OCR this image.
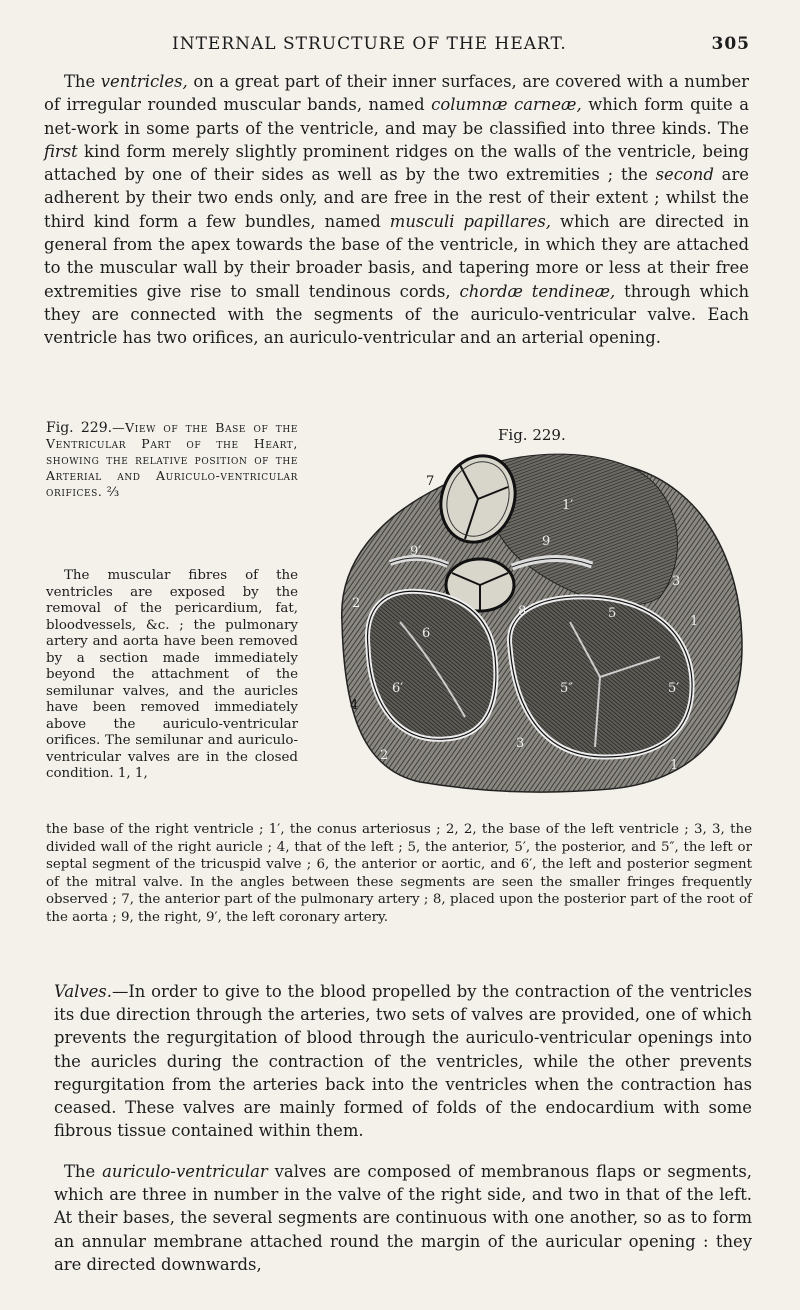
INTERNAL STRUCTURE OF THE HEART.	305

The ventricles, on a great part of their inner surfaces, are covered with a number of irregular rounded muscular bands, named columnæ carneæ, which form quite a net-work in some parts of the ventricle, and may be classified into three kinds. The first kind form merely slightly prominent ridges on the walls of the ventricle, being attached by one of their sides as well as by the two extremities ; the second are adherent by their two ends only, and are free in the rest of their extent ; whilst the third kind form a few bundles, named musculi papillares, which are directed in general from the apex towards the base of the ventricle, in which they are attached to the muscular wall by their broader basis, and tapering more or less at their free extremities give rise to small tendinous cords, chordæ tendineæ, through which they are connected with the segments of the auriculo-ventricular valve. Each ventricle has two orifices, an auriculo-ventricular and an arterial opening.

Fig. 229.—View of the Base of the Ventricular Part of the Heart, showing the relative position of the Arterial and Auriculo-ventricular orifices. ⅔

The muscular fibres of the ventricles are exposed by the removal of the pericardium, fat, bloodvessels, &c. ; the pulmonary artery and aorta have been removed by a section made immediately beyond the attachment of the semilunar valves, and the auricles have been removed immediately above the auriculo-ventricular orifices. The semilunar and auriculo-ventricular valves are in the closed condition. 1, 1,

the base of the right ventricle ; 1′, the conus arteriosus ; 2, 2, the base of the left ventricle ; 3, 3, the divided wall of the right auricle ; 4, that of the left ; 5, the anterior, 5′, the posterior, and 5″, the left or septal segment of the tricuspid valve ; 6, the anterior or aortic, and 6′, the left and posterior segment of the mitral valve. In the angles between these segments are seen the smaller fringes frequently observed ; 7, the anterior part of the pulmonary artery ; 8, placed upon the posterior part of the root of the aorta ; 9, the right, 9′, the left coronary artery.

Fig. 229.
7
1′
9
9′
3
1
2
6
6′
8	5
5″	5′
4
3
2
1

Valves.—In order to give to the blood propelled by the contraction of the ventricles its due direction through the arteries, two sets of valves are provided, one of which prevents the regurgitation of blood through the auriculo-ventricular openings into the auricles during the contraction of the ventricles, while the other prevents regurgitation from the arteries back into the ventricles when the contraction has ceased. These valves are mainly formed of folds of the endocardium with some fibrous tissue contained within them.

The auriculo-ventricular valves are composed of membranous flaps or segments, which are three in number in the valve of the right side, and two in that of the left. At their bases, the several segments are continuous with one another, so as to form an annular membrane attached round the margin of the auricular opening : they are directed downwards,
